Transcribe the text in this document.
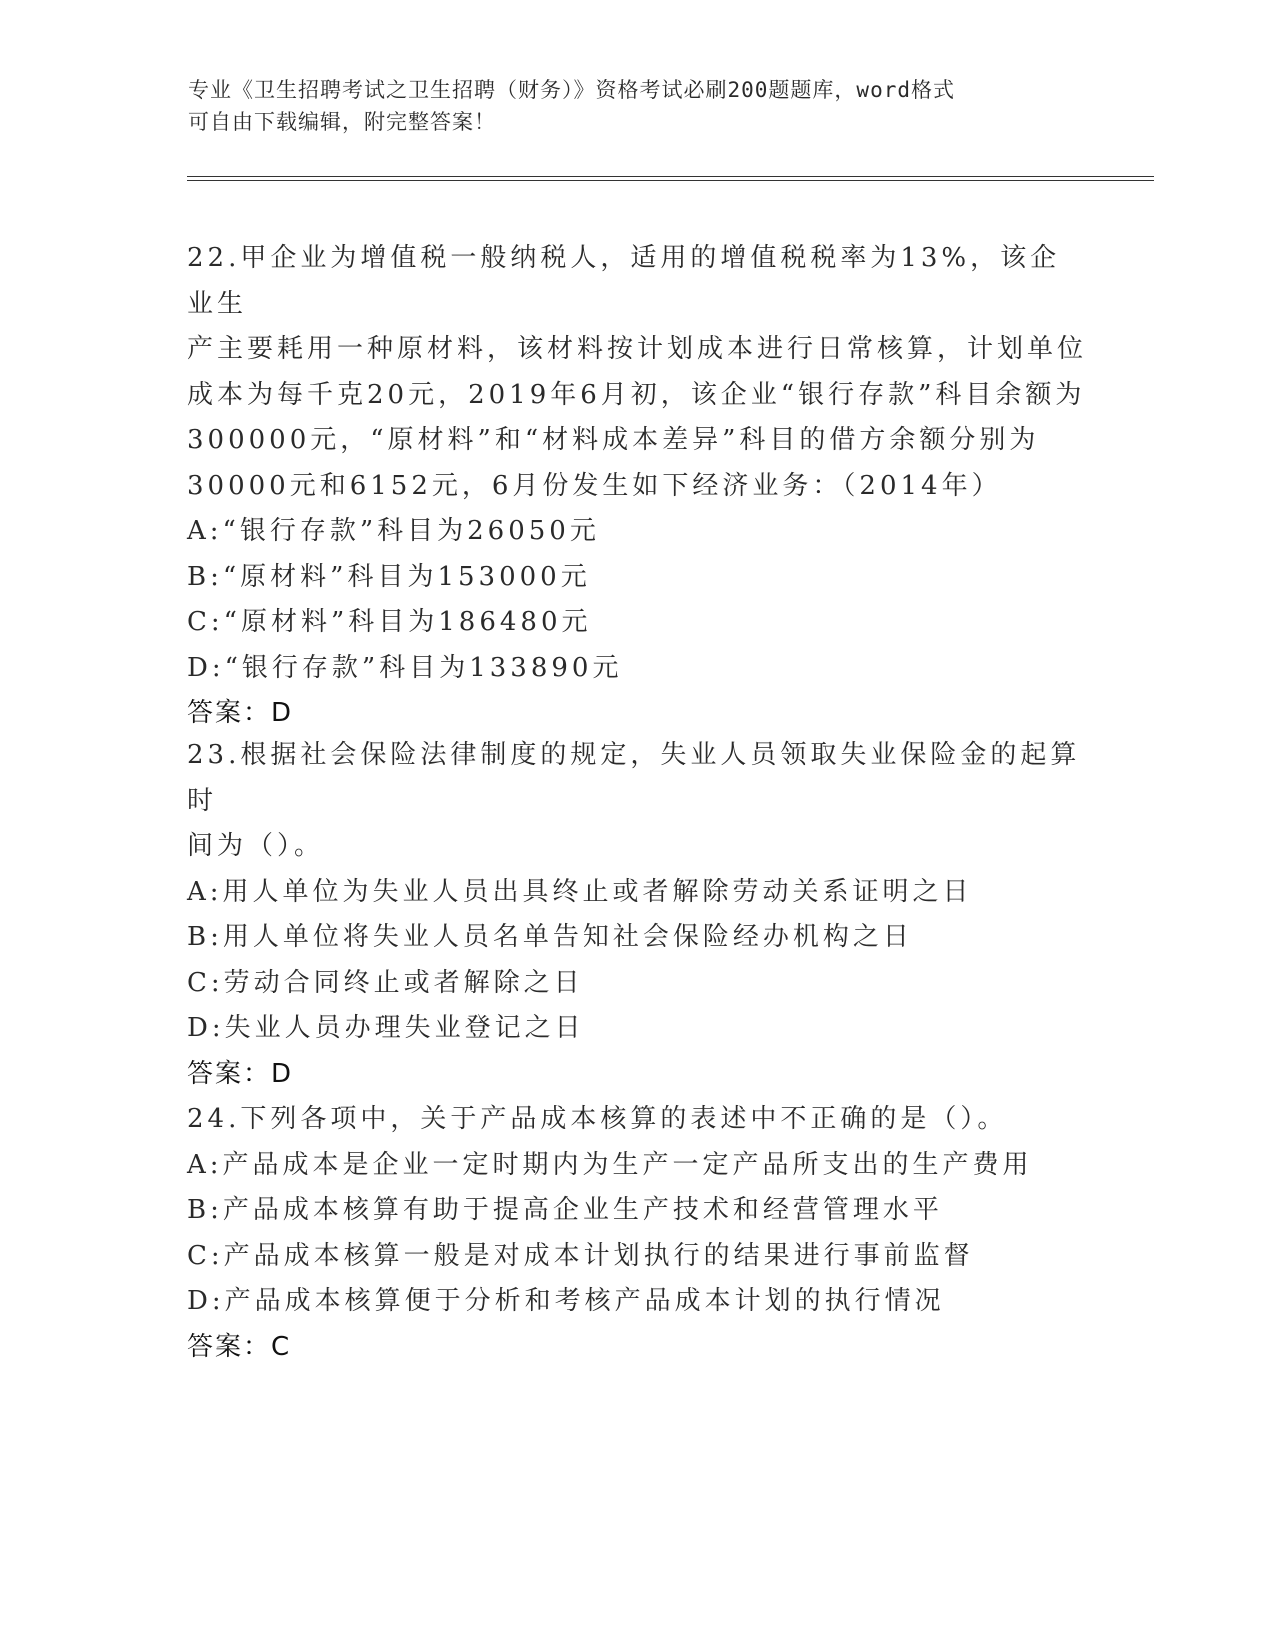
专业《卫生招聘考试之卫生招聘（财务）》资格考试必刷200题题库，word格式
可自由下载编辑，附完整答案！
22.甲企业为增值税一般纳税人，适用的增值税税率为13%，该企业生
产主要耗用一种原材料，该材料按计划成本进行日常核算，计划单位
成本为每千克20元，2019年6月初，该企业“银行存款”科目余额为
300000元，“原材料”和“材料成本差异”科目的借方余额分别为
30000元和6152元，6月份发生如下经济业务：（2014年）
A:“银行存款”科目为26050元
B:“原材料”科目为153000元
C:“原材料”科目为186480元
D:“银行存款”科目为133890元
答案：D
23.根据社会保险法律制度的规定，失业人员领取失业保险金的起算时
间为（）。
A:用人单位为失业人员出具终止或者解除劳动关系证明之日
B:用人单位将失业人员名单告知社会保险经办机构之日
C:劳动合同终止或者解除之日
D:失业人员办理失业登记之日
答案：D
24.下列各项中，关于产品成本核算的表述中不正确的是（）。
A:产品成本是企业一定时期内为生产一定产品所支出的生产费用
B:产品成本核算有助于提高企业生产技术和经营管理水平
C:产品成本核算一般是对成本计划执行的结果进行事前监督
D:产品成本核算便于分析和考核产品成本计划的执行情况
答案：C
